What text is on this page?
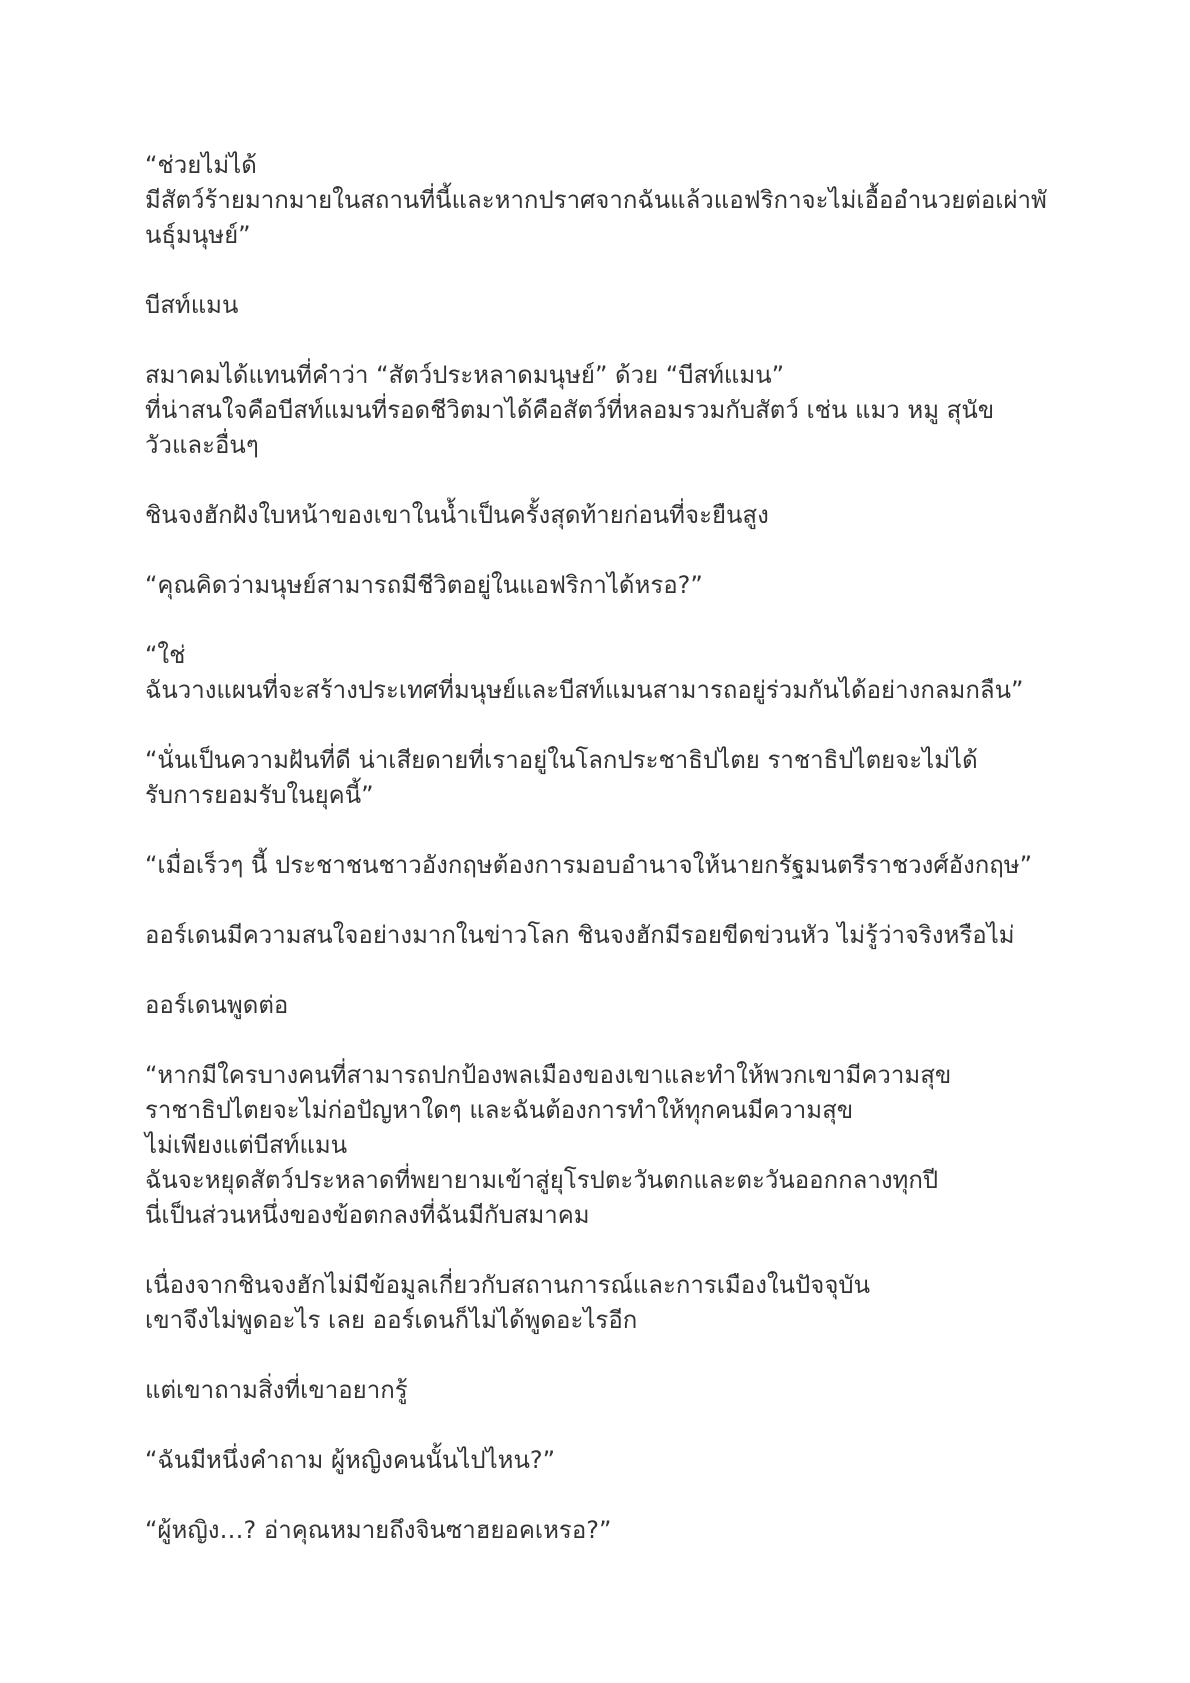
“ช่วยไม่ได้
มีสัตว์ร้ายมากมายในสถานที่นี้และหากปราศจากฉันแล้วแอฟริกาจะไม่เอื้ออำนวยต่อเผ่าพั
นธุ์มนุษย์”

บีสท์แมน

สมาคมได้แทนที่คำว่า “สัตว์ประหลาดมนุษย์” ด้วย “บีสท์แมน”
ที่น่าสนใจคือบีสท์แมนที่รอดชีวิตมาได้คือสัตว์ที่หลอมรวมกับสัตว์ เช่น แมว หมู สุนัข
วัวและอื่นๆ

ชินจงฮักฝังใบหน้าของเขาในน้ำเป็นครั้งสุดท้ายก่อนที่จะยืนสูง

“คุณคิดว่ามนุษย์สามารถมีชีวิตอยู่ในแอฟริกาได้หรอ?”

“ใช่
ฉันวางแผนที่จะสร้างประเทศที่มนุษย์และบีสท์แมนสามารถอยู่ร่วมกันได้อย่างกลมกลืน”

“นั่นเป็นความฝันที่ดี น่าเสียดายที่เราอยู่ในโลกประชาธิปไตย ราชาธิปไตยจะไม่ได้
รับการยอมรับในยุคนี้”

“เมื่อเร็วๆ นี้ ประชาชนชาวอังกฤษต้องการมอบอำนาจให้นายกรัฐมนตรีราชวงศ์อังกฤษ”

ออร์เดนมีความสนใจอย่างมากในข่าวโลก ชินจงฮักมีรอยขีดข่วนหัว ไม่รู้ว่าจริงหรือไม่

ออร์เดนพูดต่อ

“หากมีใครบางคนที่สามารถปกป้องพลเมืองของเขาและทำให้พวกเขามีความสุข
ราชาธิปไตยจะไม่ก่อปัญหาใดๆ และฉันต้องการทำให้ทุกคนมีความสุข
ไม่เพียงแต่บีสท์แมน
ฉันจะหยุดสัตว์ประหลาดที่พยายามเข้าสู่ยุโรปตะวันตกและตะวันออกกลางทุกปี
นี่เป็นส่วนหนึ่งของข้อตกลงที่ฉันมีกับสมาคม

เนื่องจากชินจงฮักไม่มีข้อมูลเกี่ยวกับสถานการณ์และการเมืองในปัจจุบัน
เขาจึงไม่พูดอะไร เลย ออร์เดนก็ไม่ได้พูดอะไรอีก

แต่เขาถามสิ่งที่เขาอยากรู้

“ฉันมีหนึ่งคำถาม ผู้หญิงคนนั้นไปไหน?”

“ผู้หญิง…? อ่าคุณหมายถึงจินซาฮยอคเหรอ?”
